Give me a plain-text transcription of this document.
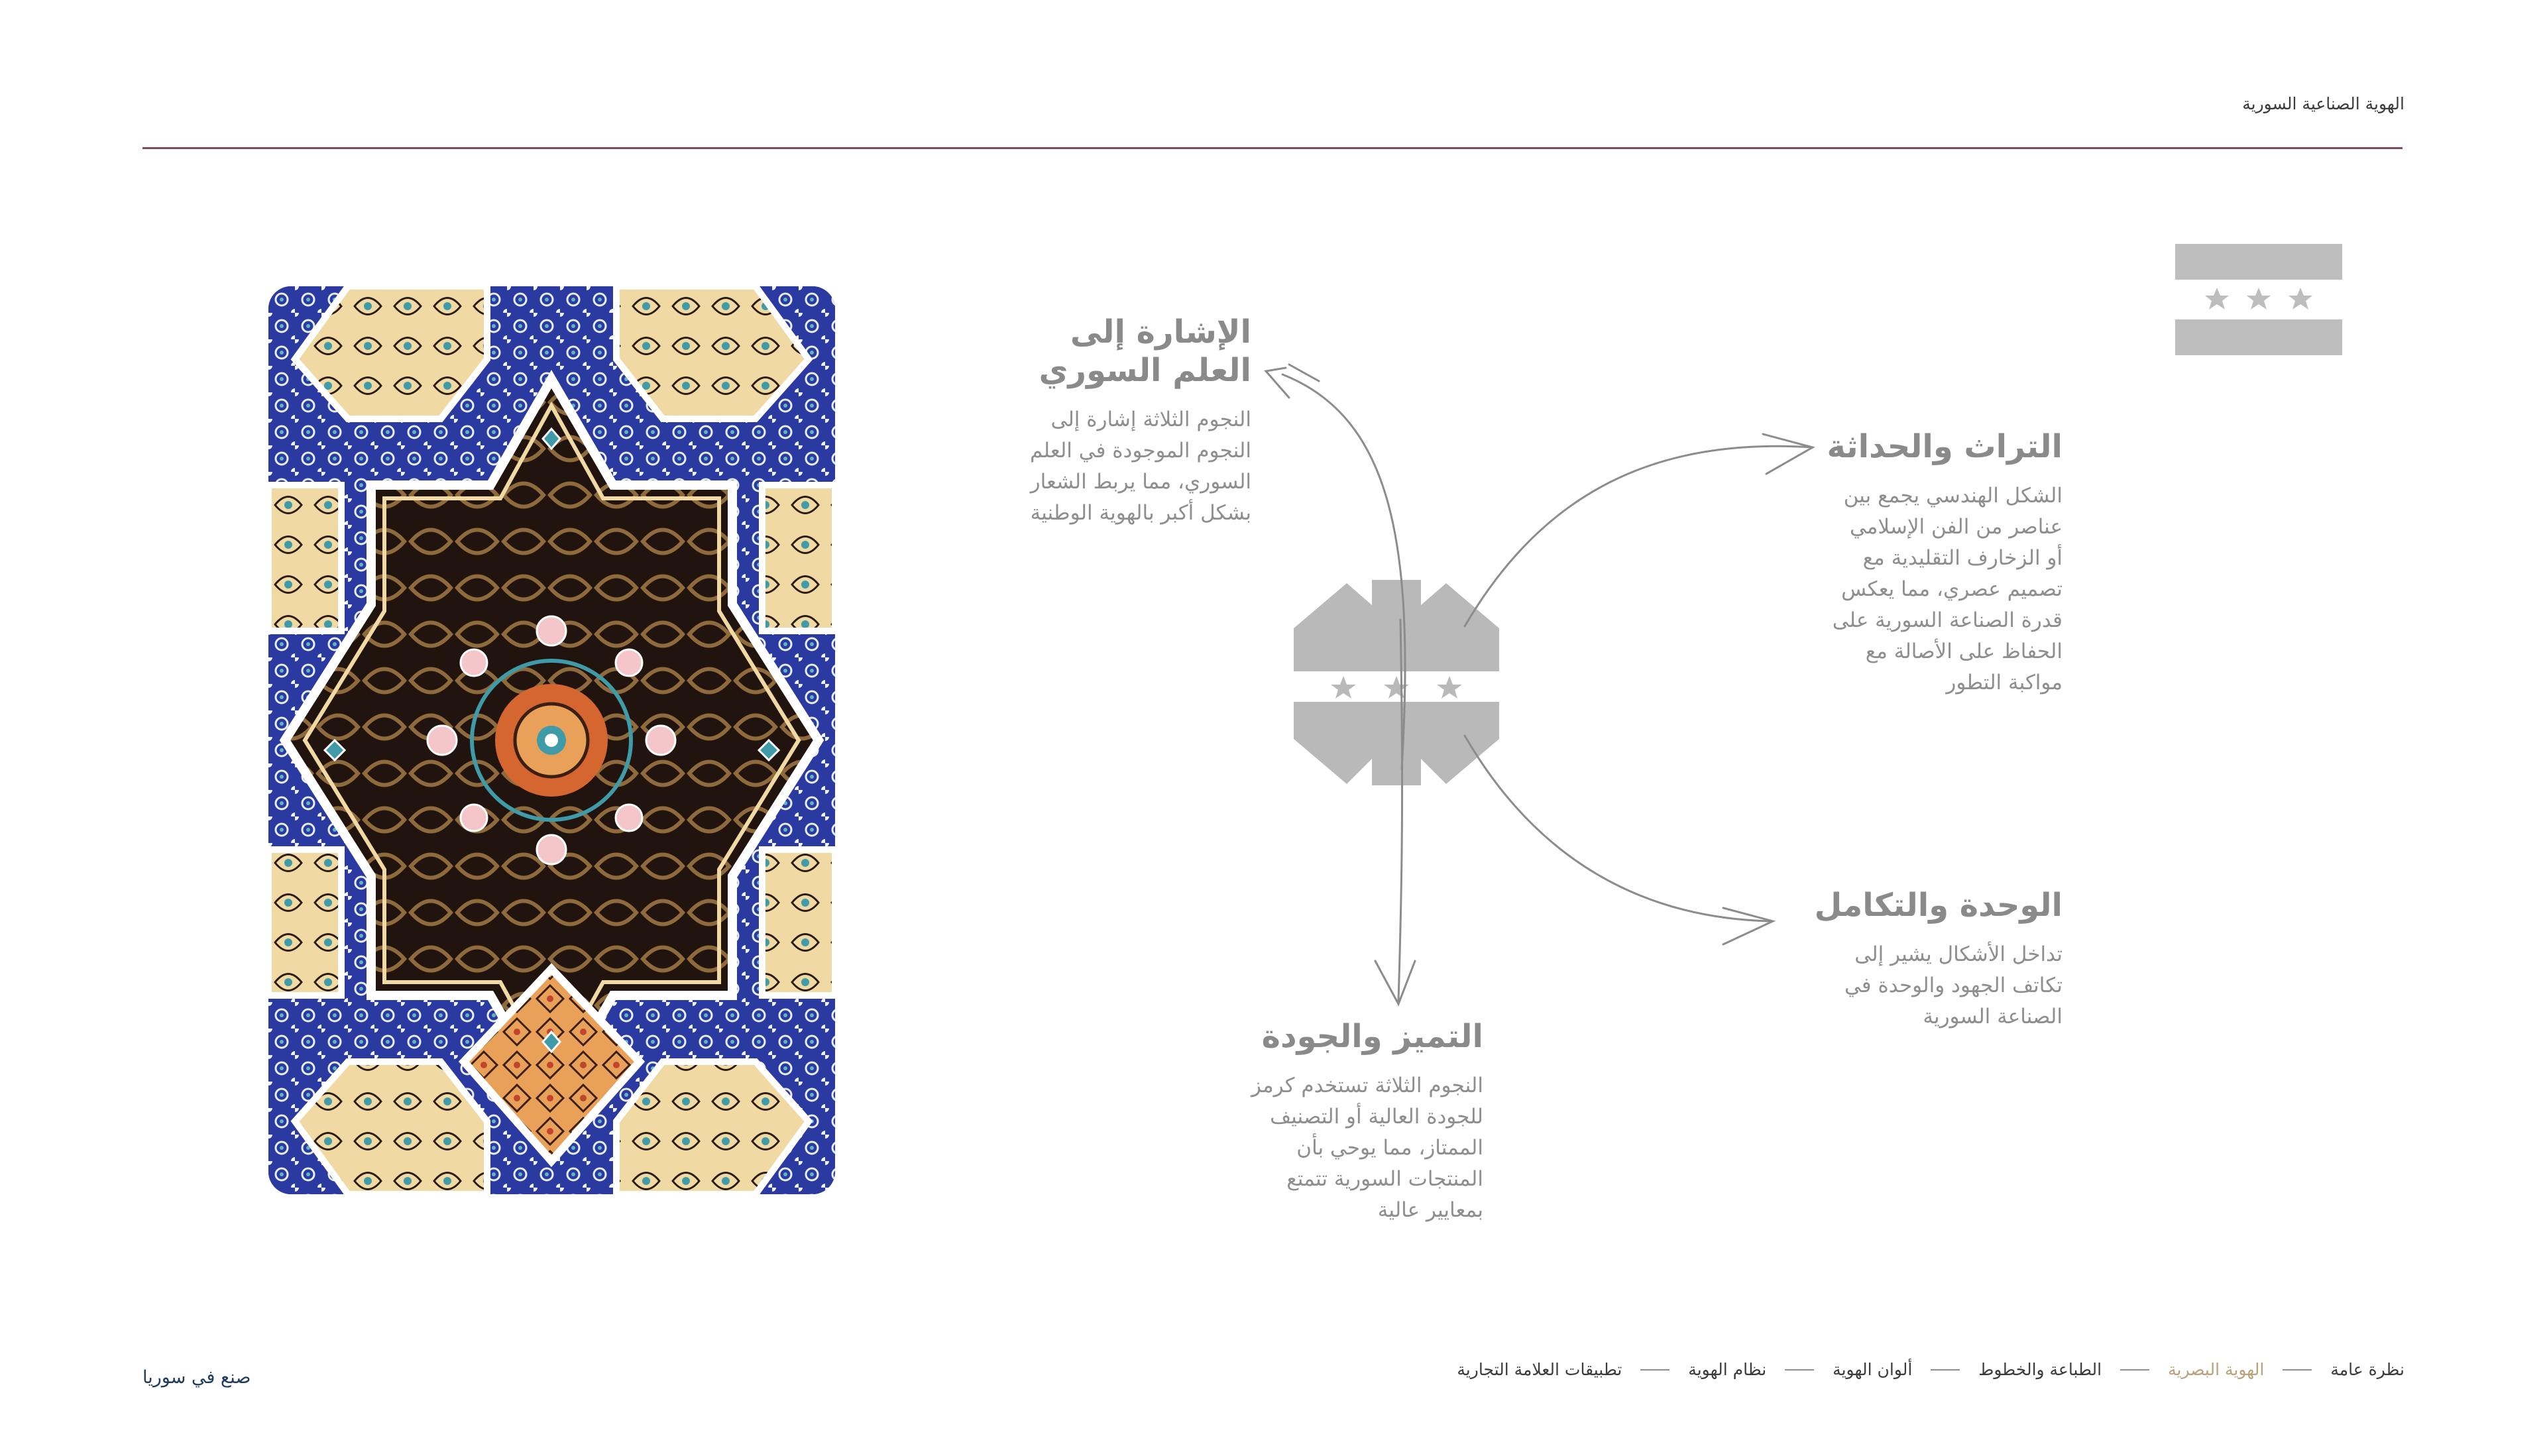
الهوية الصناعية السورية
الإشارة إلى
العلم السوري
النجوم الثلاثة إشارة إلى
النجوم الموجودة في العلم
السوري، مما يربط الشعار
بشكل أكبر بالهوية الوطنية
التراث والحداثة
الشكل الهندسي يجمع بين
عناصر من الفن الإسلامي
أو الزخارف التقليدية مع
تصميم عصري، مما يعكس
قدرة الصناعة السورية على
الحفاظ على الأصالة مع
مواكبة التطور
الوحدة والتكامل
تداخل الأشكال يشير إلى
تكاتف الجهود والوحدة في
الصناعة السورية
التميز والجودة
النجوم الثلاثة تستخدم كرمز
للجودة العالية أو التصنيف
الممتاز، مما يوحي بأن
المنتجات السورية تتمتع
بمعايير عالية
نظرة عامة
الهوية البصرية
الطباعة والخطوط
ألوان الهوية
نظام الهوية
تطبيقات العلامة التجارية
صنع في سوريا
